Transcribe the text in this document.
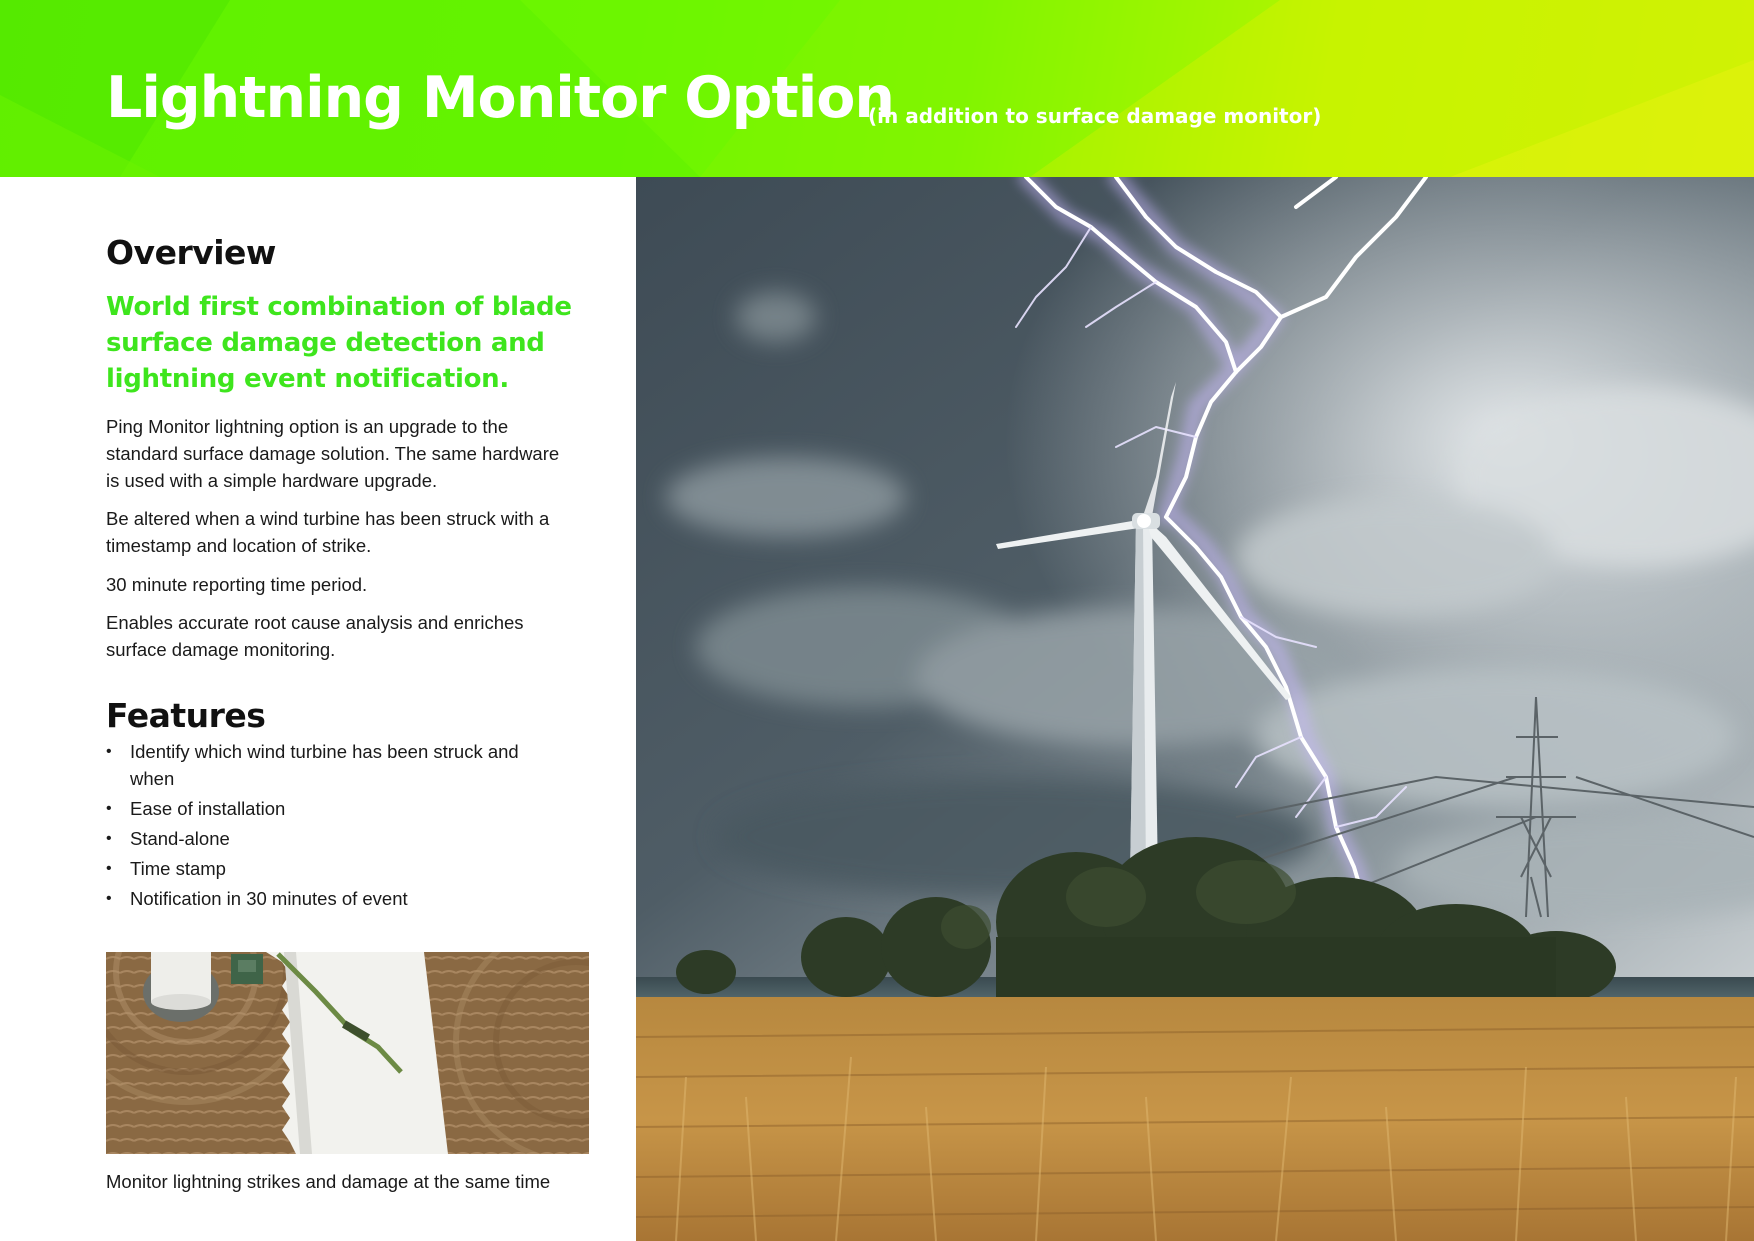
Lightning Monitor Option
(in addition to surface damage monitor)
Overview
World first combination of blade surface damage detection and lightning event notification.

Ping Monitor lightning option is an upgrade to the standard surface damage solution. The same hardware is used with a simple hardware upgrade.

Be altered when a wind turbine has been struck with a timestamp and location of strike.

30 minute reporting time period.

Enables accurate root cause analysis and enriches surface damage monitoring.

Features
• Identify which wind turbine has been struck and when
• Ease of installation
• Stand-alone
• Time stamp
• Notification in 30 minutes of event
Monitor lightning strikes and damage at the same time
